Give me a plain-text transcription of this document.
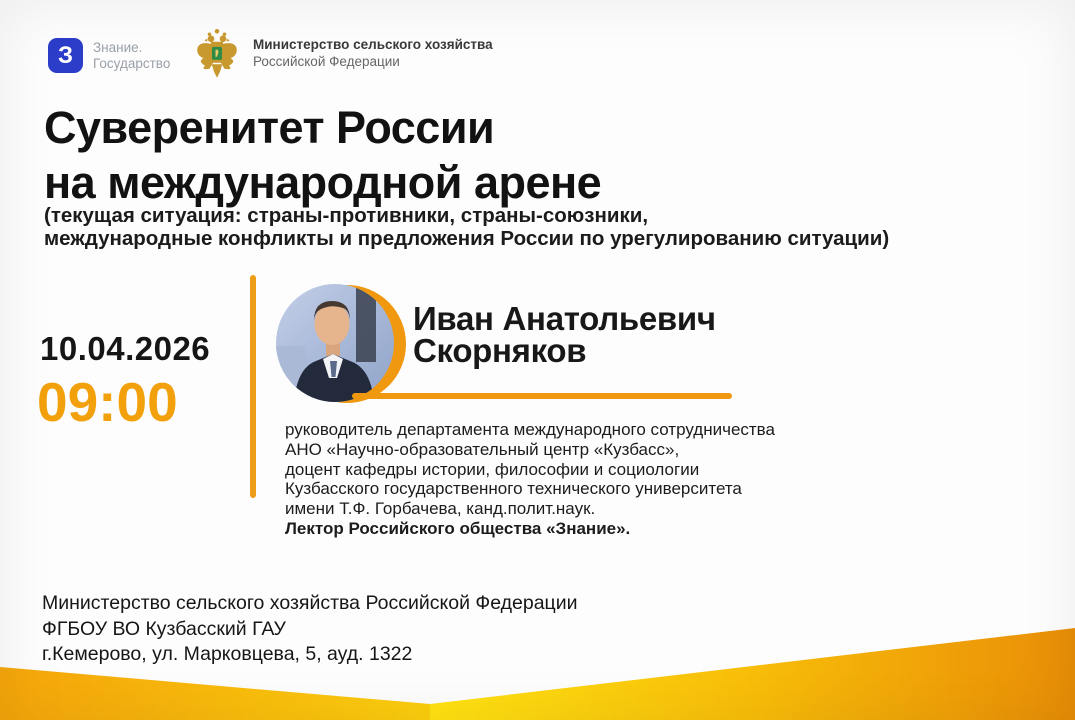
З	Знание.
Государство
Министерство сельского хозяйства
Российской Федерации
Суверенитет России
на международной арене
(текущая ситуация: страны-противники, страны-союзники,
международные конфликты и предложения России по урегулированию ситуации)
10.04.2026
09:00
Иван Анатольевич
Скорняков
руководитель департамента международного сотрудничества
АНО «Научно-образовательный центр «Кузбасс»,
доцент кафедры истории, философии и социологии
Кузбасского государственного технического университета
имени Т.Ф. Горбачева, канд.полит.наук.
Лектор Российского общества «Знание».
Министерство сельского хозяйства Российской Федерации
ФГБОУ ВО Кузбасский ГАУ
г.Кемерово, ул. Марковцева, 5, ауд. 1322
